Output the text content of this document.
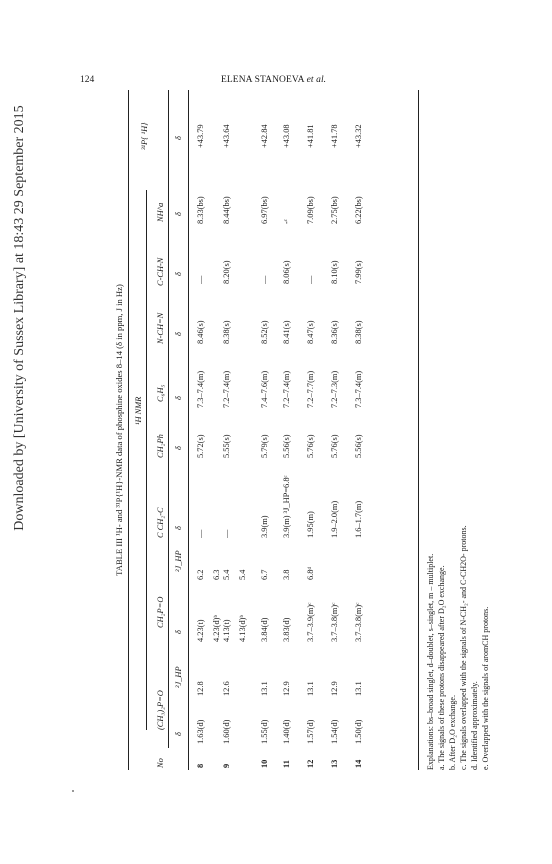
Downloaded by [University of Sussex Library] at 18:43 29 September 2015
124	ELENA STANOEVA et al.
TABLE III ¹H- and ³¹P{¹H}-NMR data of phosphine oxides 8–14 (δ in ppm, J in Hz) ¹H NMR
No
(CH₃)₂P=O
CH₂P=O
C CH₂-C
CH₂Ph
C₆H₅
N-CH=N
C-CH-N
NH^a
³¹P{ ¹H}
δ
²J_HP
δ
²J_HP
δ
δ
δ
δ
δ
δ
δ
8
1.63(d)
12.8
4.23(t)
6.2
—
5.72(s)
7.3–7.4(m)
8.46(s)
—
8.33(bs)
+43.79
4.23(d)ᵇ
6.3
9
1.60(d)
12.6
4.13(t)
5.4
—
5.55(s)
7.2–7.4(m)
8.38(s)
8.20(s)
8.44(bs)
+43.64
4.13(d)ᵇ
5.4
10
1.55(d)
13.1
3.84(d)
6.7
3.9(m)
5.79(s)
7.4–7.6(m)
8.52(s)
—
6.97(bs)
+42.84
11
1.40(d)
12.9
3.83(d)
3.8
3.9(m) ³J_HP=6.8ᶜ
5.56(s)
7.2–7.4(m)
8.41(s)
8.06(s)
-ᶜ
+43.08
12
1.57(d)
13.1
3.7–3.9(m)ᶜ
6.8ᵈ
1.95(m)
5.76(s)
7.2–7.7(m)
8.47(s)
—
7.09(bs)
+41.81
13
1.54(d)
12.9
3.7–3.8(m)ᶜ
1.9–2.0(m)
5.76(s)
7.2–7.3(m)
8.36(s)
8.10(s)
2.75(bs)
+41.78
14
1.50(d)
13.1
3.7–3.8(m)ᶜ
1.6–1.7(m)
5.56(s)
7.3–7.4(m)
8.38(s)
7.99(s)
6.22(bs)
+43.32
Explanations: bs–broad singlet, d–doublet, s–singlet, m – multiplet. a. The signals of these protons disappeared after D₂O exchange. b. After D₂O exchange. c. The signals overlapped with the signals of N-CH₂- and C-CH2O- protons. d. Identified approximately. e. Overlapped with the signals of aromCH protons.
